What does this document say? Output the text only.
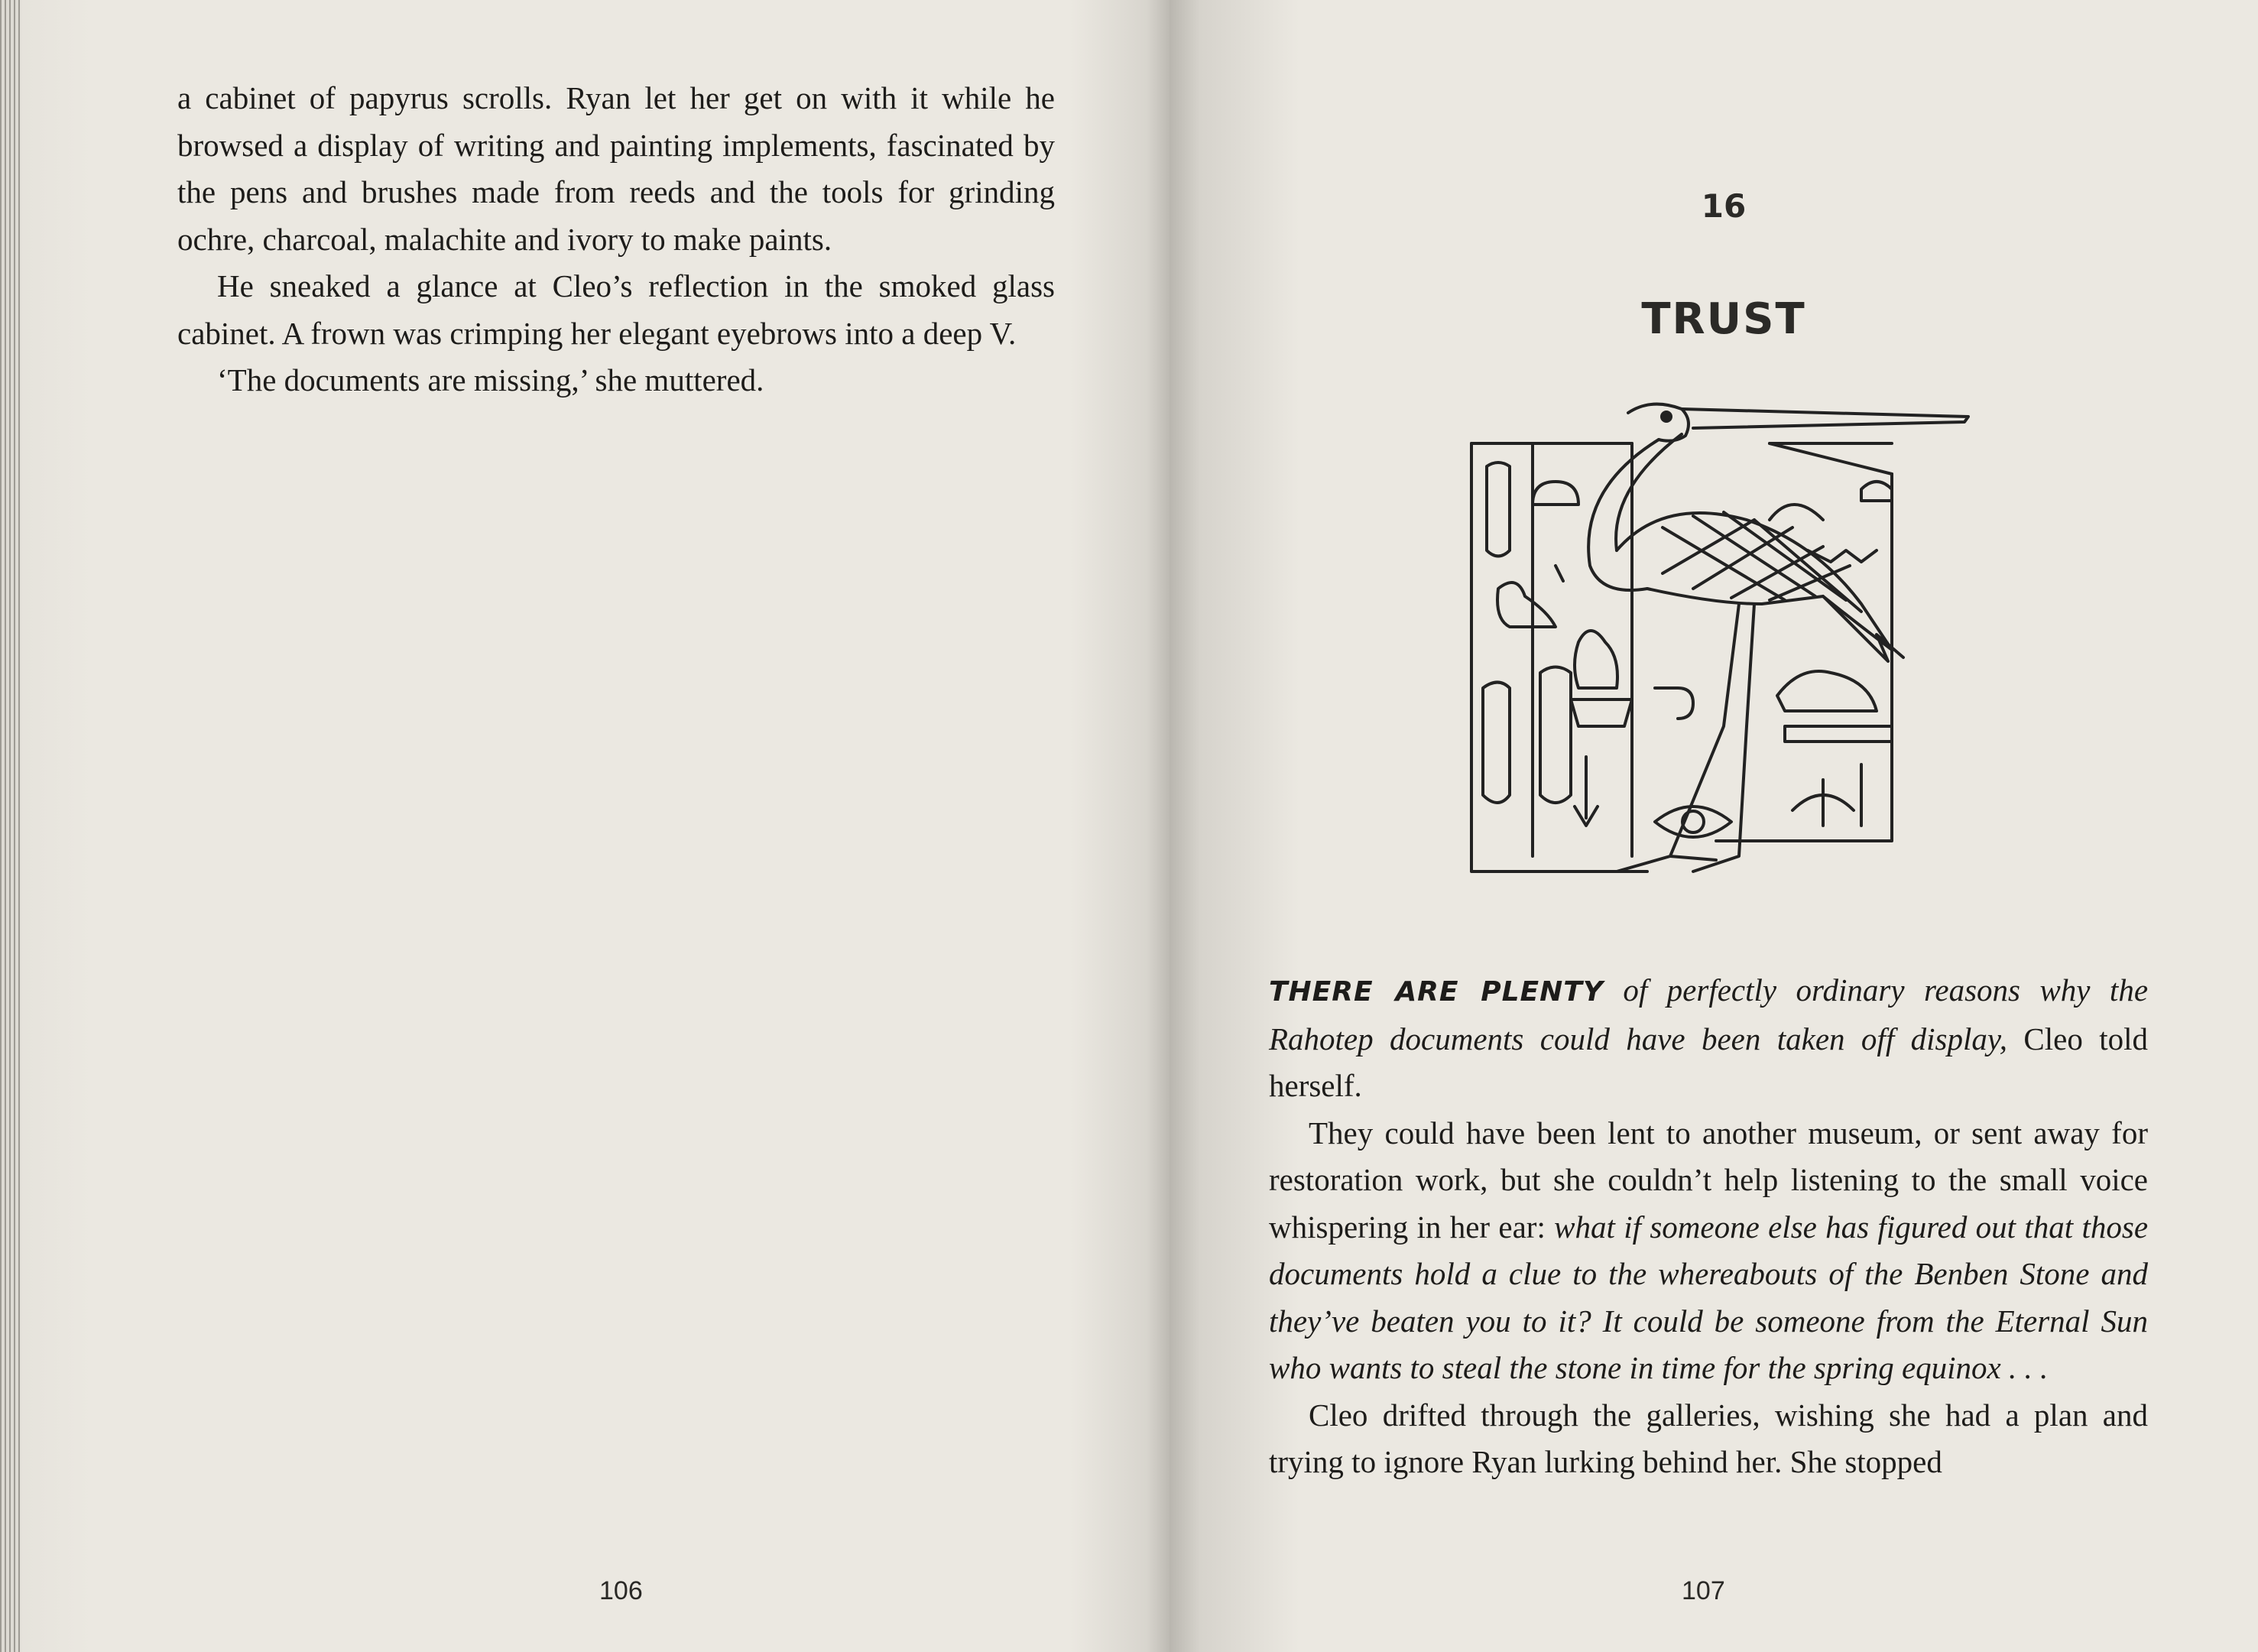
a cabinet of papyrus scrolls. Ryan let her get on with it while he browsed a display of writing and painting implements, fascinated by the pens and brushes made from reeds and the tools for grinding ochre, charcoal, malachite and ivory to make paints.

He sneaked a glance at Cleo’s reflection in the smoked glass cabinet. A frown was crimping her elegant eyebrows into a deep V.

‘The documents are missing,’ she muttered.

106
16
TRUST

THERE ARE PLENTY of perfectly ordinary reasons why the Rahotep documents could have been taken off display, Cleo told herself.

They could have been lent to another museum, or sent away for restoration work, but she couldn’t help listening to the small voice whispering in her ear: what if someone else has figured out that those documents hold a clue to the whereabouts of the Benben Stone and they’ve beaten you to it? It could be someone from the Eternal Sun who wants to steal the stone in time for the spring equinox . . .

Cleo drifted through the galleries, wishing she had a plan and trying to ignore Ryan lurking behind her. She stopped

107
